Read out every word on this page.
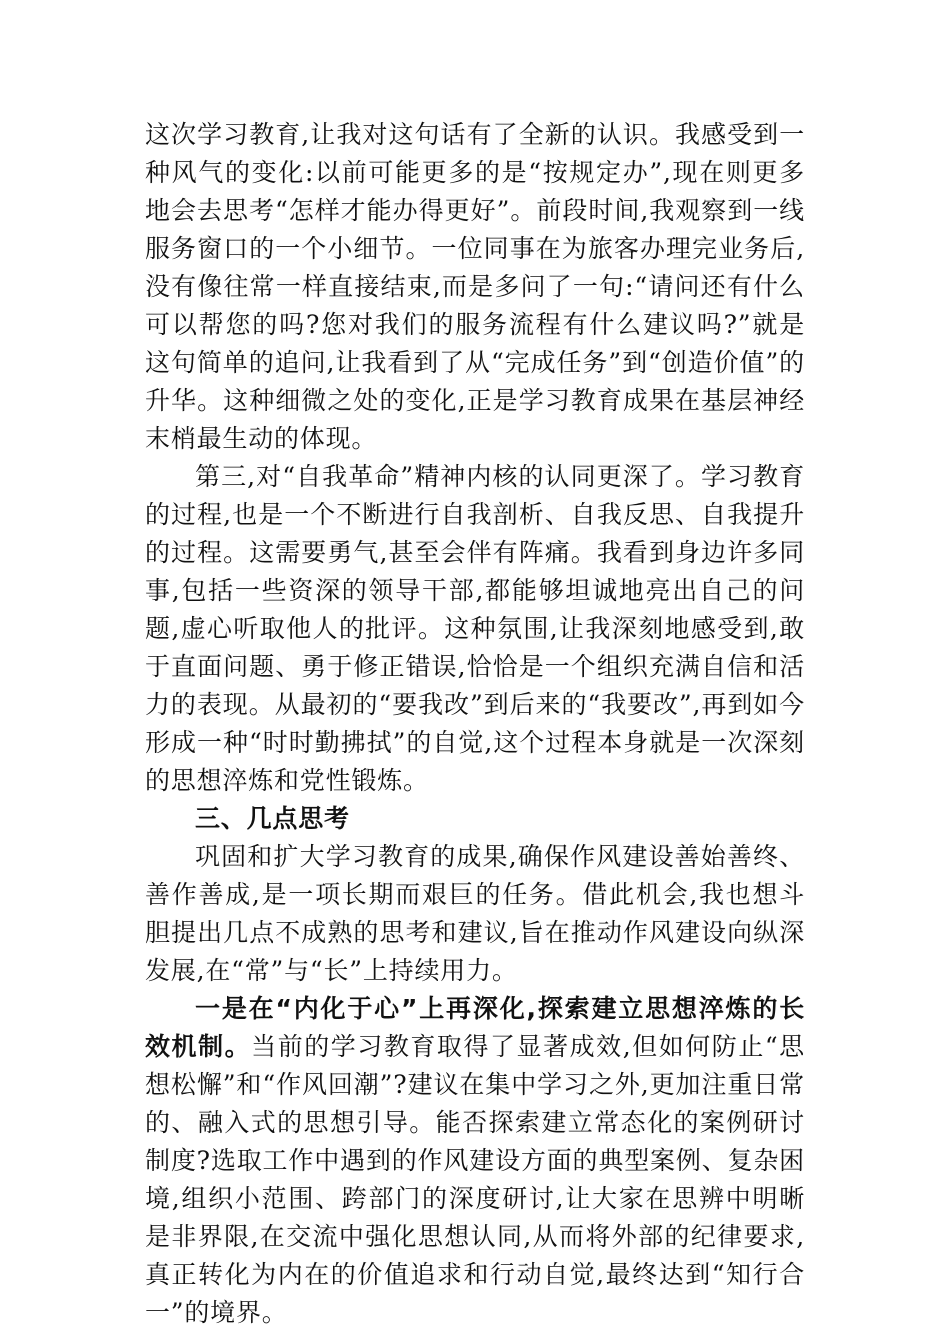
这次学习教育,让我对这句话有了全新的认识。我感受到一种风气的变化:以前可能更多的是“按规定办”,现在则更多地会去思考“怎样才能办得更好”。前段时间,我观察到一线服务窗口的一个小细节。一位同事在为旅客办理完业务后,没有像往常一样直接结束,而是多问了一句:“请问还有什么可以帮您的吗?您对我们的服务流程有什么建议吗?”就是这句简单的追问,让我看到了从“完成任务”到“创造价值”的升华。这种细微之处的变化,正是学习教育成果在基层神经末梢最生动的体现。

第三,对“自我革命”精神内核的认同更深了。学习教育的过程,也是一个不断进行自我剖析、自我反思、自我提升的过程。这需要勇气,甚至会伴有阵痛。我看到身边许多同事,包括一些资深的领导干部,都能够坦诚地亮出自己的问题,虚心听取他人的批评。这种氛围,让我深刻地感受到,敢于直面问题、勇于修正错误,恰恰是一个组织充满自信和活力的表现。从最初的“要我改”到后来的“我要改”,再到如今形成一种“时时勤拂拭”的自觉,这个过程本身就是一次深刻的思想淬炼和党性锻炼。

三、几点思考

巩固和扩大学习教育的成果,确保作风建设善始善终、善作善成,是一项长期而艰巨的任务。借此机会,我也想斗胆提出几点不成熟的思考和建议,旨在推动作风建设向纵深发展,在“常”与“长”上持续用力。

一是在“内化于心”上再深化,探索建立思想淬炼的长效机制。当前的学习教育取得了显著成效,但如何防止“思想松懈”和“作风回潮”?建议在集中学习之外,更加注重日常的、融入式的思想引导。能否探索建立常态化的案例研讨制度?选取工作中遇到的作风建设方面的典型案例、复杂困境,组织小范围、跨部门的深度研讨,让大家在思辨中明晰是非界限,在交流中强化思想认同,从而将外部的纪律要求,真正转化为内在的价值追求和行动自觉,最终达到“知行合一”的境界。
